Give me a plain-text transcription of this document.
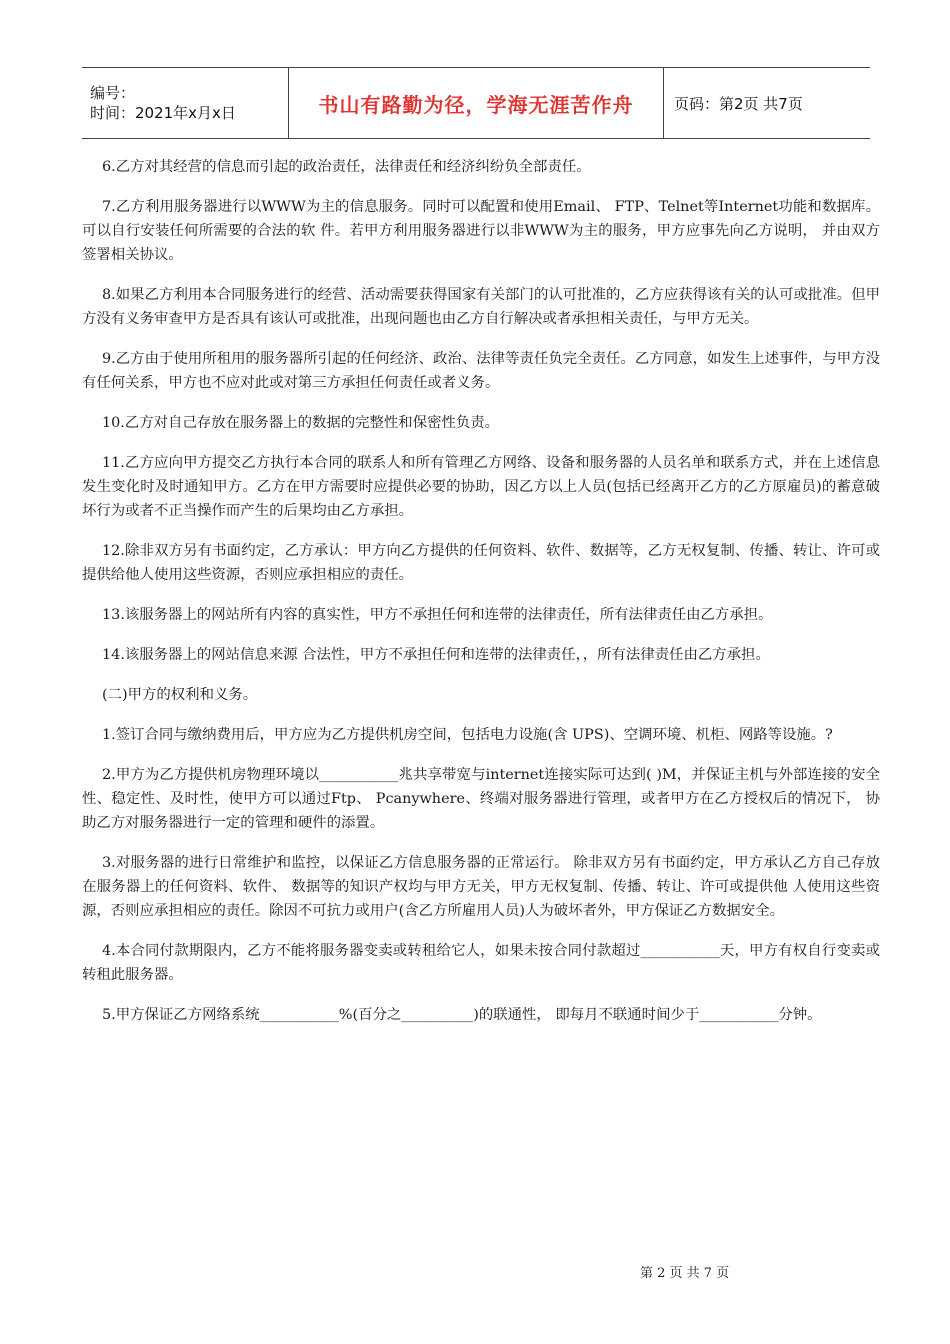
编号：
时间：2021年x月x日	书山有路勤为径，学海无涯苦作舟	页码：第2页 共7页

6.乙方对其经营的信息而引起的政治责任，法律责任和经济纠纷负全部责任。

7.乙方利用服务器进行以WWW为主的信息服务。同时可以配置和使用Email、 FTP、Telnet等Internet功能和数据库。可以自行安装任何所需要的合法的软 件。若甲方利用服务器进行以非WWW为主的服务，甲方应事先向乙方说明， 并由双方签署相关协议。

8.如果乙方利用本合同服务进行的经营、活动需要获得国家有关部门的认可批准的，乙方应获得该有关的认可或批准。但甲方没有义务审查甲方是否具有该认可或批准，出现问题也由乙方自行解决或者承担相关责任，与甲方无关。

9.乙方由于使用所租用的服务器所引起的任何经济、政治、法律等责任负完全责任。乙方同意，如发生上述事件，与甲方没有任何关系，甲方也不应对此或对第三方承担任何责任或者义务。

10.乙方对自己存放在服务器上的数据的完整性和保密性负责。

11.乙方应向甲方提交乙方执行本合同的联系人和所有管理乙方网络、设备和服务器的人员名单和联系方式，并在上述信息发生变化时及时通知甲方。乙方在甲方需要时应提供必要的协助，因乙方以上人员(包括已经离开乙方的乙方原雇员)的蓄意破坏行为或者不正当操作而产生的后果均由乙方承担。

12.除非双方另有书面约定，乙方承认：甲方向乙方提供的任何资料、软件、数据等，乙方无权复制、传播、转让、许可或提供给他人使用这些资源，否则应承担相应的责任。

13.该服务器上的网站所有内容的真实性，甲方不承担任何和连带的法律责任，所有法律责任由乙方承担。

14.该服务器上的网站信息来源 合法性，甲方不承担任何和连带的法律责任，，所有法律责任由乙方承担。

(二)甲方的权利和义务。

1.签订合同与缴纳费用后，甲方应为乙方提供机房空间，包括电力设施(含 UPS)、空调环境、机柜、网路等设施。?

2.甲方为乙方提供机房物理环境以___________兆共享带宽与internet连接实际可达到( )M，并保证主机与外部连接的安全性、稳定性、及时性，使甲方可以通过Ftp、 Pcanywhere、终端对服务器进行管理，或者甲方在乙方授权后的情况下， 协助乙方对服务器进行一定的管理和硬件的添置。

3.对服务器的进行日常维护和监控，以保证乙方信息服务器的正常运行。 除非双方另有书面约定，甲方承认乙方自己存放在服务器上的任何资料、软件、 数据等的知识产权均与甲方无关，甲方无权复制、传播、转让、许可或提供他 人使用这些资源，否则应承担相应的责任。除因不可抗力或用户(含乙方所雇用人员)人为破坏者外，甲方保证乙方数据安全。

4.本合同付款期限内，乙方不能将服务器变卖或转租给它人，如果未按合同付款超过___________天，甲方有权自行变卖或转租此服务器。

5.甲方保证乙方网络系统___________%(百分之__________)的联通性， 即每月不联通时间少于___________分钟。

第 2 页 共 7 页
